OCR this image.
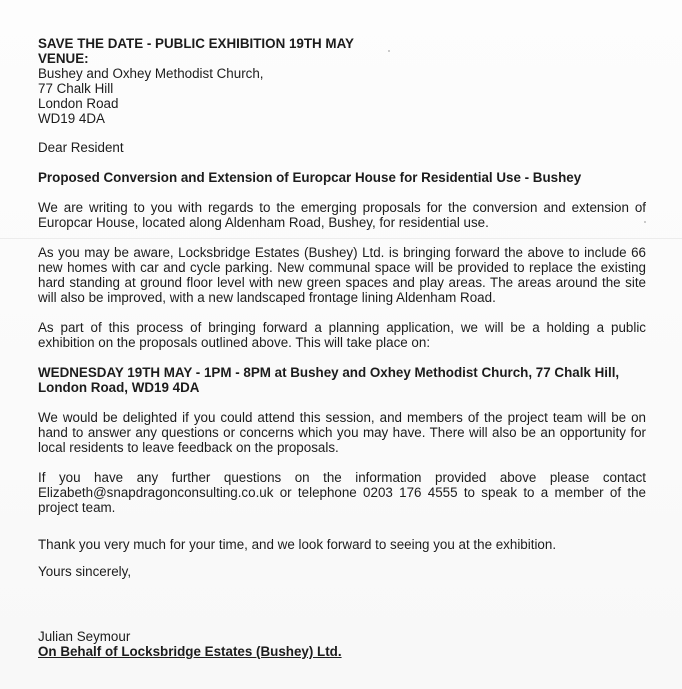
SAVE THE DATE - PUBLIC EXHIBITION 19TH MAY
VENUE:
Bushey and Oxhey Methodist Church,
77 Chalk Hill
London Road
WD19 4DA

Dear Resident

Proposed Conversion and Extension of Europcar House for Residential Use - Bushey

We are writing to you with regards to the emerging proposals for the conversion and extension of Europcar House, located along Aldenham Road, Bushey, for residential use.

As you may be aware, Locksbridge Estates (Bushey) Ltd. is bringing forward the above to include 66 new homes with car and cycle parking. New communal space will be provided to replace the existing hard standing at ground floor level with new green spaces and play areas. The areas around the site will also be improved, with a new landscaped frontage lining Aldenham Road.

As part of this process of bringing forward a planning application, we will be a holding a public exhibition on the proposals outlined above. This will take place on:

WEDNESDAY 19TH MAY - 1PM - 8PM at Bushey and Oxhey Methodist Church, 77 Chalk Hill, London Road, WD19 4DA

We would be delighted if you could attend this session, and members of the project team will be on hand to answer any questions or concerns which you may have. There will also be an opportunity for local residents to leave feedback on the proposals.

If you have any further questions on the information provided above please contact Elizabeth@snapdragonconsulting.co.uk or telephone 0203 176 4555 to speak to a member of the project team.

Thank you very much for your time, and we look forward to seeing you at the exhibition.

Yours sincerely,

Julian Seymour

On Behalf of Locksbridge Estates (Bushey) Ltd.
